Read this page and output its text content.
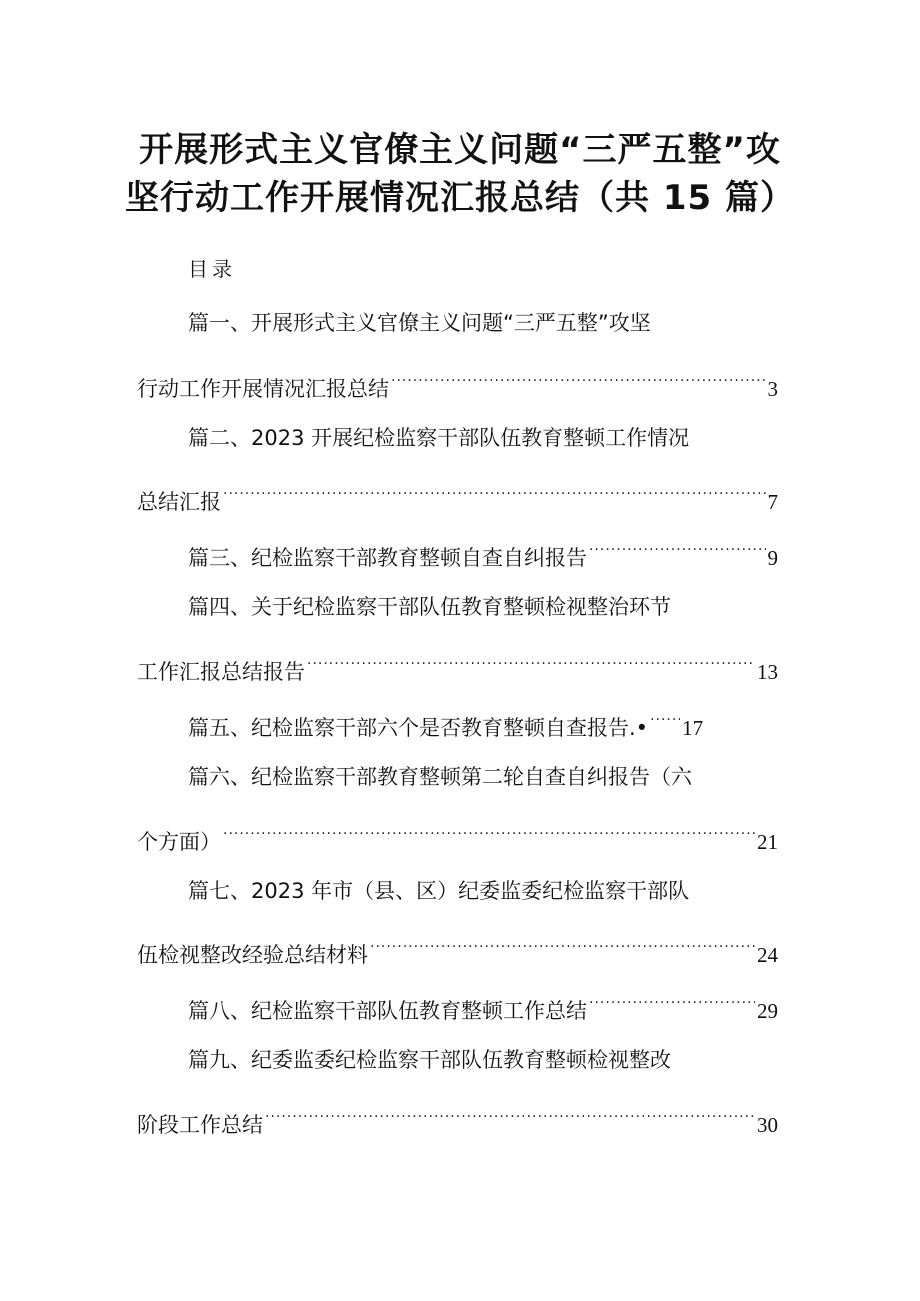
开展形式主义官僚主义问题“三严五整”攻
坚行动工作开展情况汇报总结（共 15 篇）
目录
篇一、开展形式主义官僚主义问题“三严五整”攻坚
行动工作开展情况汇报总结 .....	3
篇二、2023 开展纪检监察干部队伍教育整顿工作情况
总结汇报 .....	7
篇三、纪检监察干部教育整顿自查自纠报告 .....	9
篇四、关于纪检监察干部队伍教育整顿检视整治环节
工作汇报总结报告 .....	13
篇五、纪检监察干部六个是否教育整顿自查报告.• ..... 17
篇六、纪检监察干部教育整顿第二轮自查自纠报告（六
个方面） .....	21
篇七、2023 年市（县、区）纪委监委纪检监察干部队
伍检视整改经验总结材料 .....	24
篇八、纪检监察干部队伍教育整顿工作总结 .....	29
篇九、纪委监委纪检监察干部队伍教育整顿检视整改
阶段工作总结 .....	30
